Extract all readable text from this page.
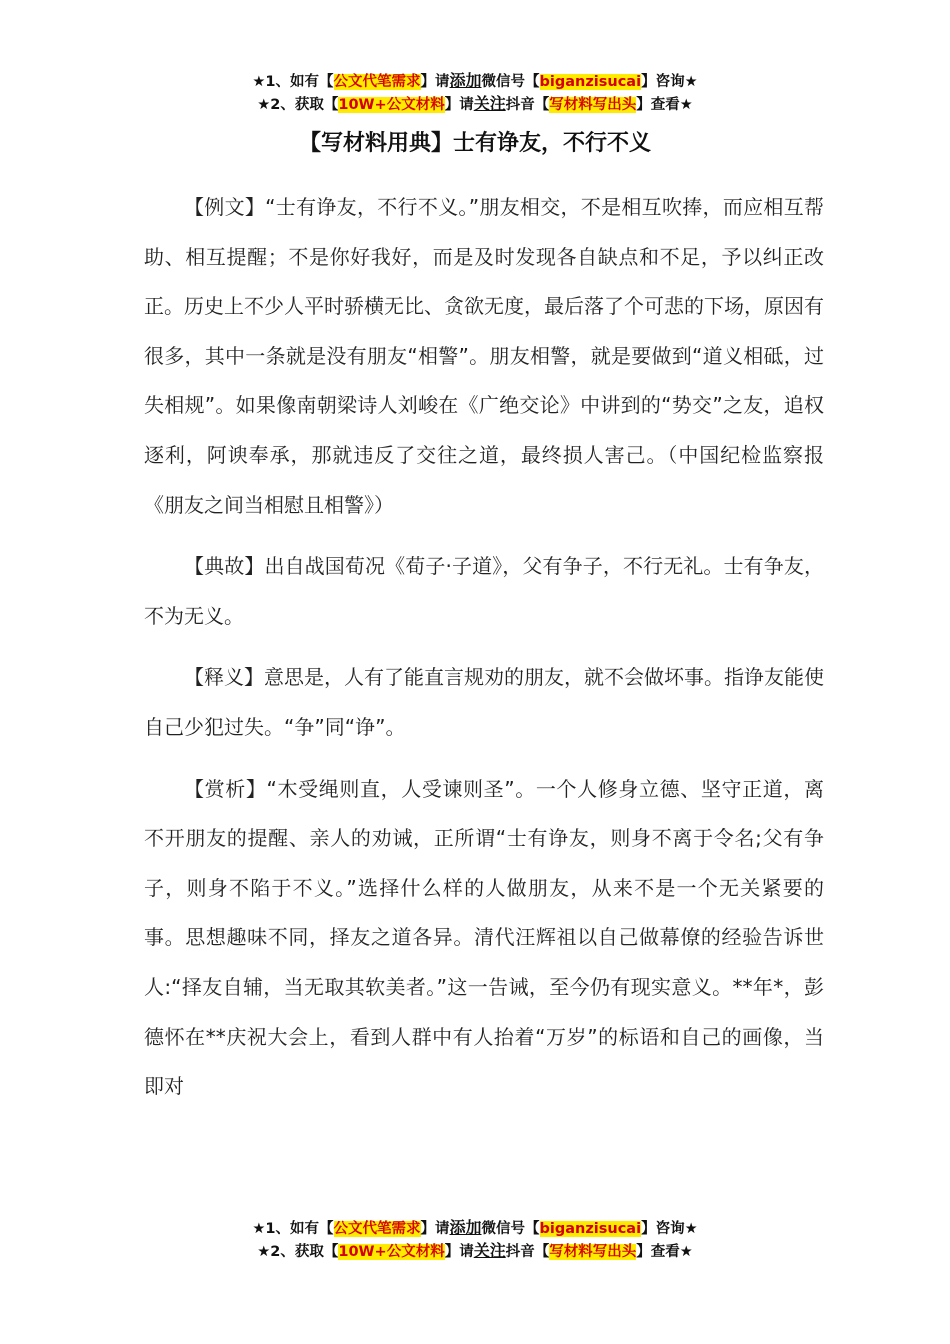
★1、如有【公文代笔需求】请添加微信号【biganzisucai】咨询★
★2、获取【10W+公文材料】请关注抖音【写材料写出头】查看★
【写材料用典】士有诤友，不行不义

【例文】“士有诤友，不行不义。”朋友相交，不是相互吹捧，而应相互帮助、相互提醒；不是你好我好，而是及时发现各自缺点和不足，予以纠正改正。历史上不少人平时骄横无比、贪欲无度，最后落了个可悲的下场，原因有很多，其中一条就是没有朋友“相警”。朋友相警，就是要做到“道义相砥，过失相规”。如果像南朝梁诗人刘峻在《广绝交论》中讲到的“势交”之友，追权逐利，阿谀奉承，那就违反了交往之道，最终损人害己。（中国纪检监察报《朋友之间当相慰且相警》）

【典故】出自战国荀况《荀子·子道》，父有争子，不行无礼。士有争友，不为无义。

【释义】意思是，人有了能直言规劝的朋友，就不会做坏事。指诤友能使自己少犯过失。“争”同“诤”。

【赏析】“木受绳则直，人受谏则圣”。一个人修身立德、坚守正道，离不开朋友的提醒、亲人的劝诫，正所谓“士有诤友，则身不离于令名;父有争子，则身不陷于不义。”选择什么样的人做朋友，从来不是一个无关紧要的事。思想趣味不同，择友之道各异。清代汪辉祖以自己做幕僚的经验告诉世人:“择友自辅，当无取其软美者。”这一告诫，至今仍有现实意义。**年*，彭德怀在**庆祝大会上，看到人群中有人抬着“万岁”的标语和自己的画像，当即对

★1、如有【公文代笔需求】请添加微信号【biganzisucai】咨询★
★2、获取【10W+公文材料】请关注抖音【写材料写出头】查看★
